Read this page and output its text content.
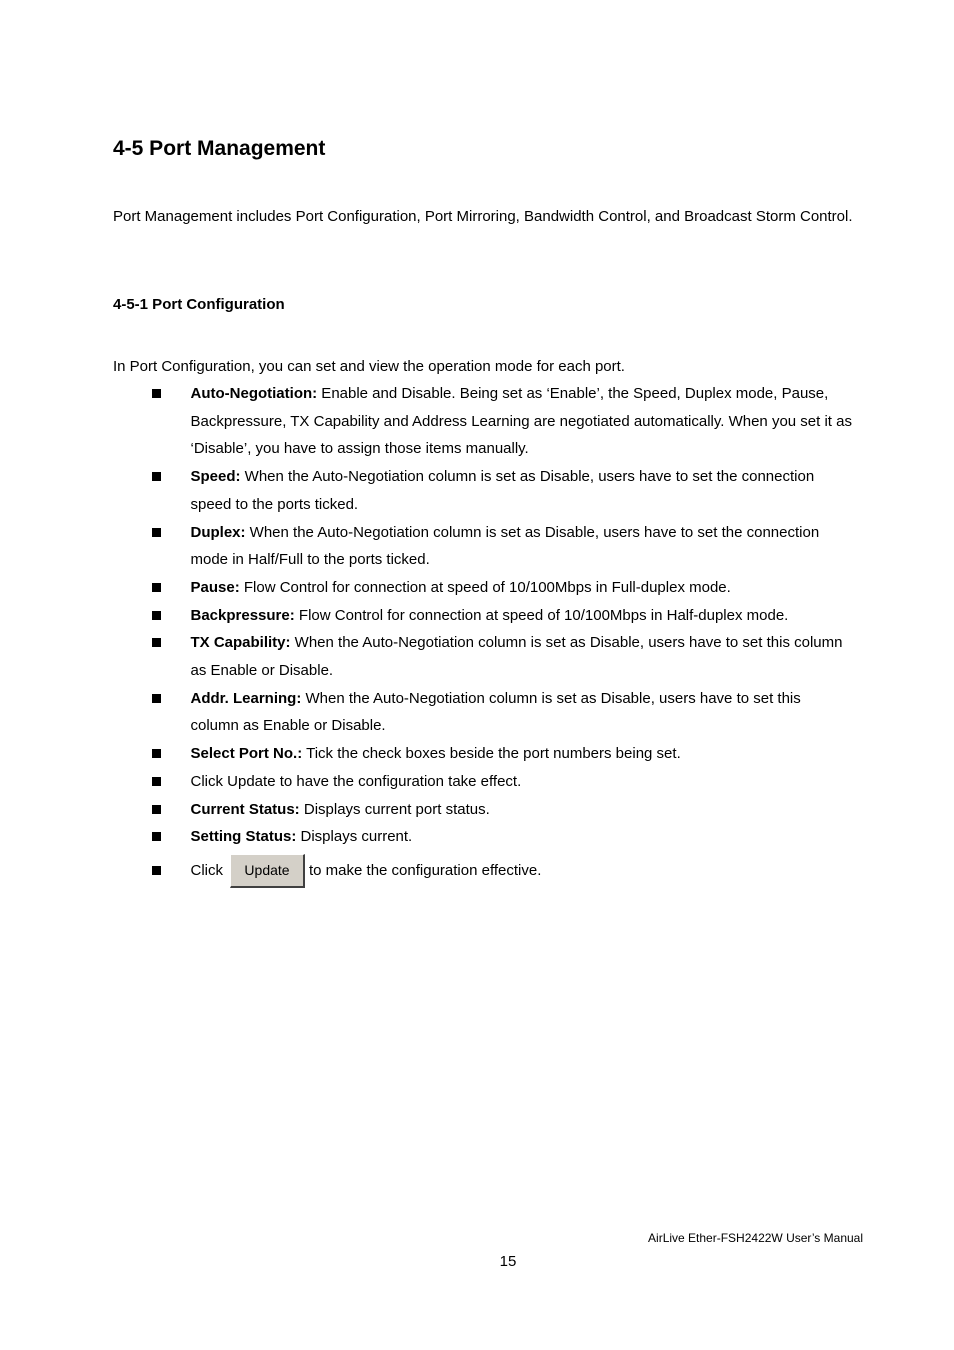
4-5 Port Management

Port Management includes Port Configuration, Port Mirroring, Bandwidth Control, and Broadcast Storm Control.

4-5-1 Port Configuration

In Port Configuration, you can set and view the operation mode for each port.

Auto-Negotiation: Enable and Disable. Being set as ‘Enable’, the Speed, Duplex mode, Pause, Backpressure, TX Capability and Address Learning are negotiated automatically. When you set it as ‘Disable’, you have to assign those items manually.
Speed: When the Auto-Negotiation column is set as Disable, users have to set the connection speed to the ports ticked.
Duplex: When the Auto-Negotiation column is set as Disable, users have to set the connection mode in Half/Full to the ports ticked.
Pause: Flow Control for connection at speed of 10/100Mbps in Full-duplex mode.
Backpressure: Flow Control for connection at speed of 10/100Mbps in Half-duplex mode.
TX Capability: When the Auto-Negotiation column is set as Disable, users have to set this column as Enable or Disable.
Addr. Learning: When the Auto-Negotiation column is set as Disable, users have to set this column as Enable or Disable.
Select Port No.: Tick the check boxes beside the port numbers being set.
Click Update to have the configuration take effect.
Current Status: Displays current port status.
Setting Status: Displays current.
Click Update to make the configuration effective.
AirLive Ether-FSH2422W User’s Manual
15
